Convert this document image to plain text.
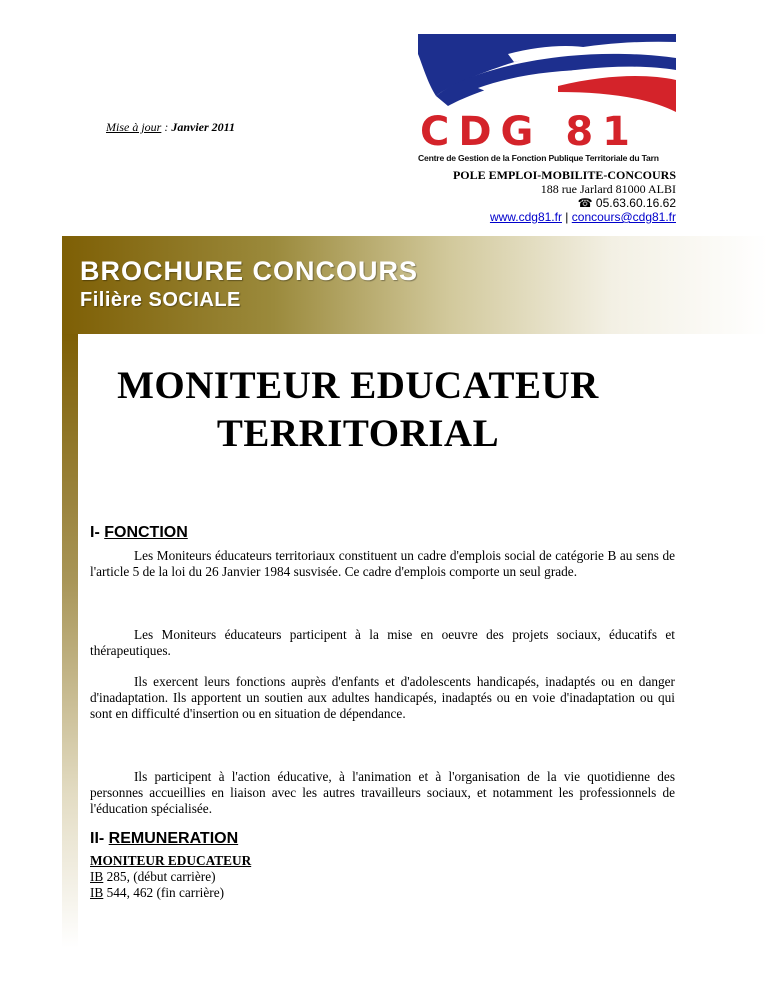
Mise à jour : Janvier 2011	CDG 81
Centre de Gestion de la Fonction Publique Territoriale du Tarn
POLE EMPLOI-MOBILITE-CONCOURS
188 rue Jarlard 81000 ALBI
☎ 05.63.60.16.62
www.cdg81.fr | concours@cdg81.fr
BROCHURE CONCOURS
Filière SOCIALE
MONITEUR EDUCATEUR
TERRITORIAL
I- FONCTION
Les Moniteurs éducateurs territoriaux constituent un cadre d'emplois social de catégorie B au sens de l'article 5 de la loi du 26 Janvier 1984 susvisée. Ce cadre d'emplois comporte un seul grade.
Les Moniteurs éducateurs participent à la mise en oeuvre des projets sociaux, éducatifs et thérapeutiques.
Ils exercent leurs fonctions auprès d'enfants et d'adolescents handicapés, inadaptés ou en danger d'inadaptation. Ils apportent un soutien aux adultes handicapés, inadaptés ou en voie d'inadaptation ou qui sont en difficulté d'insertion ou en situation de dépendance.
Ils participent à l'action éducative, à l'animation et à l'organisation de la vie quotidienne des personnes accueillies en liaison avec les autres travailleurs sociaux, et notamment les professionnels de l'éducation spécialisée.
II- REMUNERATION
MONITEUR EDUCATEUR
IB 285, (début carrière)
IB 544, 462 (fin carrière)
